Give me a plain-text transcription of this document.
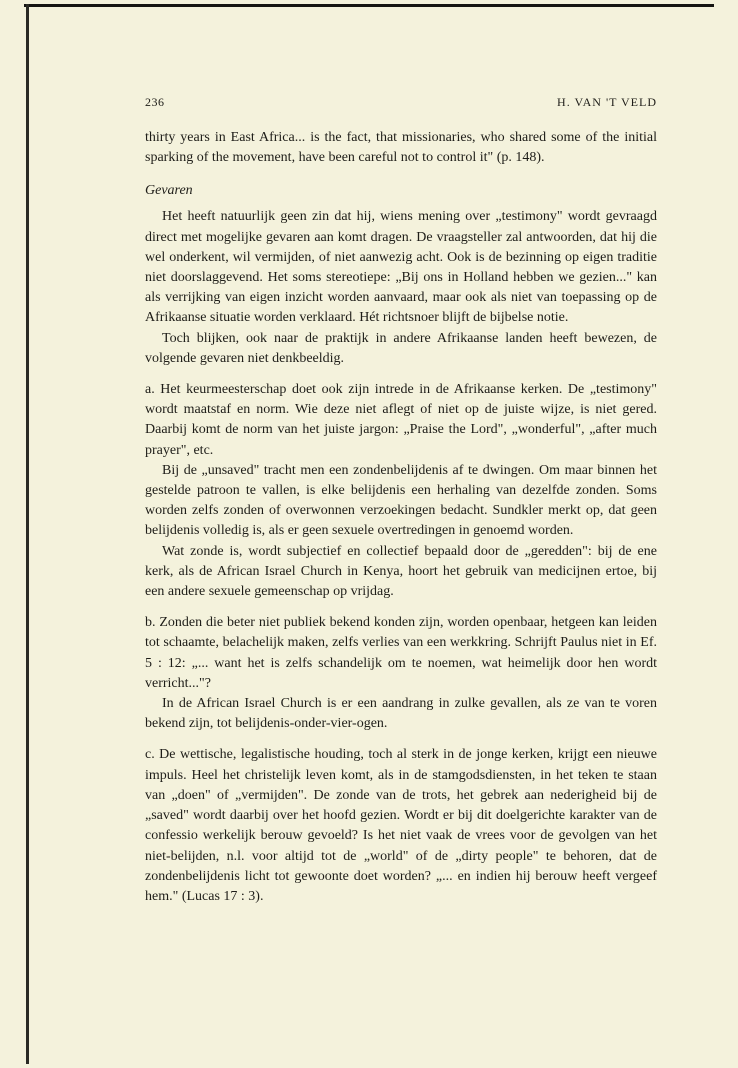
236	H. VAN 'T VELD

thirty years in East Africa... is the fact, that missionaries, who shared some of the initial sparking of the movement, have been careful not to control it" (p. 148).

Gevaren

Het heeft natuurlijk geen zin dat hij, wiens mening over „testimony" wordt gevraagd direct met mogelijke gevaren aan komt dragen. De vraagsteller zal antwoorden, dat hij die wel onderkent, wil vermijden, of niet aanwezig acht. Ook is de bezinning op eigen traditie niet doorslaggevend. Het soms stereotiepe: „Bij ons in Holland hebben we gezien..." kan als verrijking van eigen inzicht worden aanvaard, maar ook als niet van toepassing op de Afrikaanse situatie worden verklaard. Hét richtsnoer blijft de bijbelse notie.

Toch blijken, ook naar de praktijk in andere Afrikaanse landen heeft bewezen, de volgende gevaren niet denkbeeldig.

a. Het keurmeesterschap doet ook zijn intrede in de Afrikaanse kerken. De „testimony" wordt maatstaf en norm. Wie deze niet aflegt of niet op de juiste wijze, is niet gered. Daarbij komt de norm van het juiste jargon: „Praise the Lord", „wonderful", „after much prayer", etc.

Bij de „unsaved" tracht men een zondenbelijdenis af te dwingen. Om maar binnen het gestelde patroon te vallen, is elke belijdenis een herhaling van dezelfde zonden. Soms worden zelfs zonden of overwonnen verzoekingen bedacht. Sundkler merkt op, dat geen belijdenis volledig is, als er geen sexuele overtredingen in genoemd worden.

Wat zonde is, wordt subjectief en collectief bepaald door de „geredden": bij de ene kerk, als de African Israel Church in Kenya, hoort het gebruik van medicijnen ertoe, bij een andere sexuele gemeenschap op vrijdag.

b. Zonden die beter niet publiek bekend konden zijn, worden openbaar, hetgeen kan leiden tot schaamte, belachelijk maken, zelfs verlies van een werkkring. Schrijft Paulus niet in Ef. 5 : 12: „... want het is zelfs schandelijk om te noemen, wat heimelijk door hen wordt verricht..."?

In de African Israel Church is er een aandrang in zulke gevallen, als ze van te voren bekend zijn, tot belijdenis-onder-vier-ogen.

c. De wettische, legalistische houding, toch al sterk in de jonge kerken, krijgt een nieuwe impuls. Heel het christelijk leven komt, als in de stamgodsdiensten, in het teken te staan van „doen" of „vermijden". De zonde van de trots, het gebrek aan nederigheid bij de „saved" wordt daarbij over het hoofd gezien. Wordt er bij dit doelgerichte karakter van de confessio werkelijk berouw gevoeld? Is het niet vaak de vrees voor de gevolgen van het niet-belijden, n.l. voor altijd tot de „world" of de „dirty people" te behoren, dat de zondenbelijdenis licht tot gewoonte doet worden? „... en indien hij berouw heeft vergeef hem." (Lucas 17 : 3).
